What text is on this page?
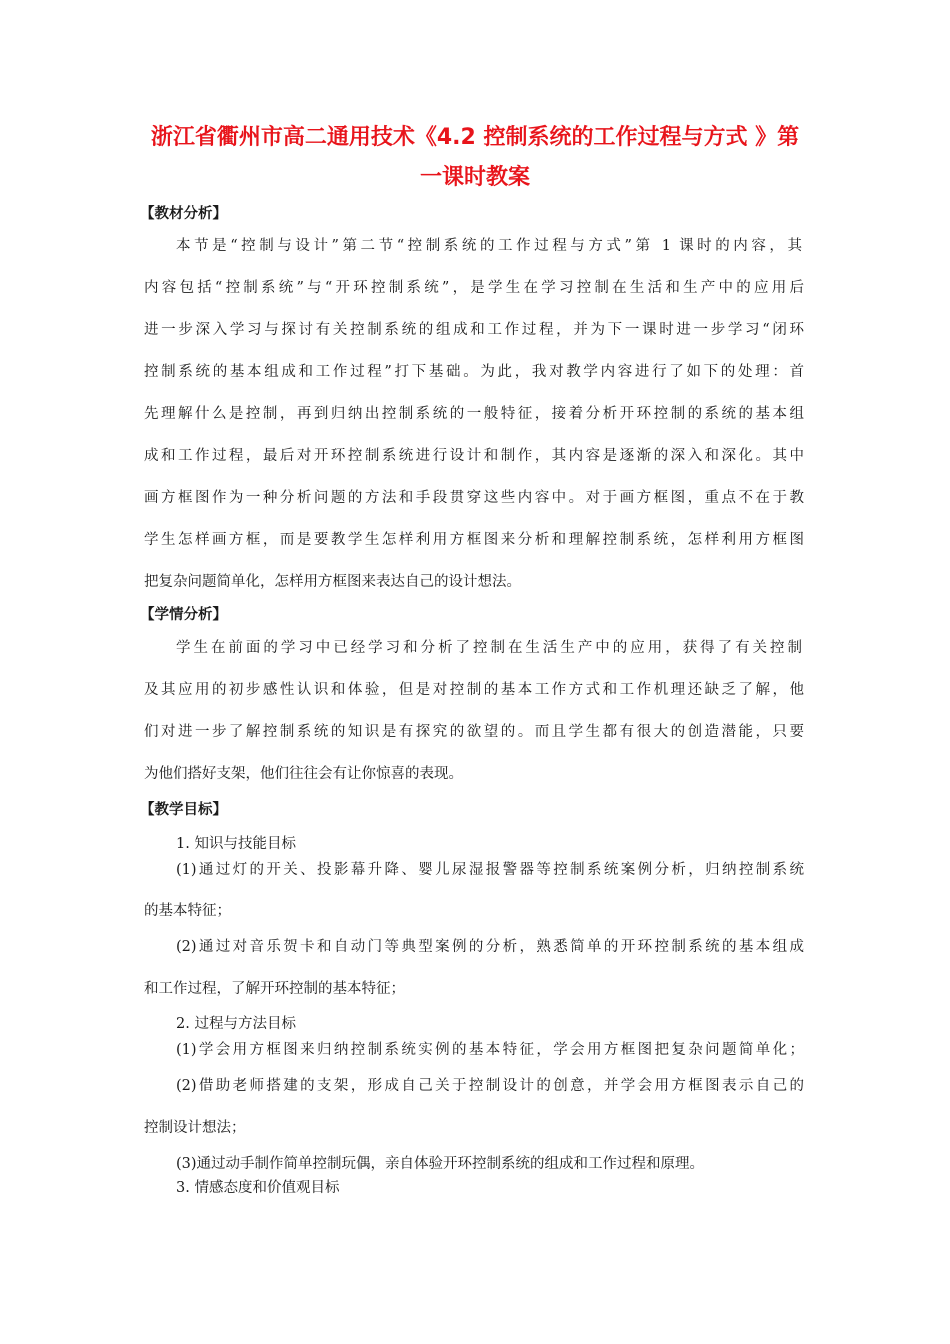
浙江省衢州市高二通用技术《4.2 控制系统的工作过程与方式 》第
一课时教案
【教材分析】
本节是“控制与设计”第二节“控制系统的工作过程与方式”第 1 课时的内容，其
内容包括“控制系统”与“开环控制系统”，是学生在学习控制在生活和生产中的应用后
进一步深入学习与探讨有关控制系统的组成和工作过程，并为下一课时进一步学习“闭环
控制系统的基本组成和工作过程”打下基础。为此，我对教学内容进行了如下的处理：首
先理解什么是控制，再到归纳出控制系统的一般特征，接着分析开环控制的系统的基本组
成和工作过程，最后对开环控制系统进行设计和制作，其内容是逐渐的深入和深化。其中
画方框图作为一种分析问题的方法和手段贯穿这些内容中。对于画方框图，重点不在于教
学生怎样画方框，而是要教学生怎样利用方框图来分析和理解控制系统，怎样利用方框图
把复杂问题简单化，怎样用方框图来表达自己的设计想法。
【学情分析】
学生在前面的学习中已经学习和分析了控制在生活生产中的应用，获得了有关控制
及其应用的初步感性认识和体验，但是对控制的基本工作方式和工作机理还缺乏了解，他
们对进一步了解控制系统的知识是有探究的欲望的。而且学生都有很大的创造潜能，只要
为他们搭好支架，他们往往会有让你惊喜的表现。
【教学目标】
1. 知识与技能目标
(1)通过灯的开关、投影幕升降、婴儿尿湿报警器等控制系统案例分析，归纳控制系统
的基本特征；
(2)通过对音乐贺卡和自动门等典型案例的分析，熟悉简单的开环控制系统的基本组成
和工作过程，了解开环控制的基本特征；
2. 过程与方法目标
(1)学会用方框图来归纳控制系统实例的基本特征，学会用方框图把复杂问题简单化；
(2)借助老师搭建的支架，形成自己关于控制设计的创意，并学会用方框图表示自己的
控制设计想法；
(3)通过动手制作简单控制玩偶，亲自体验开环控制系统的组成和工作过程和原理。
3. 情感态度和价值观目标
